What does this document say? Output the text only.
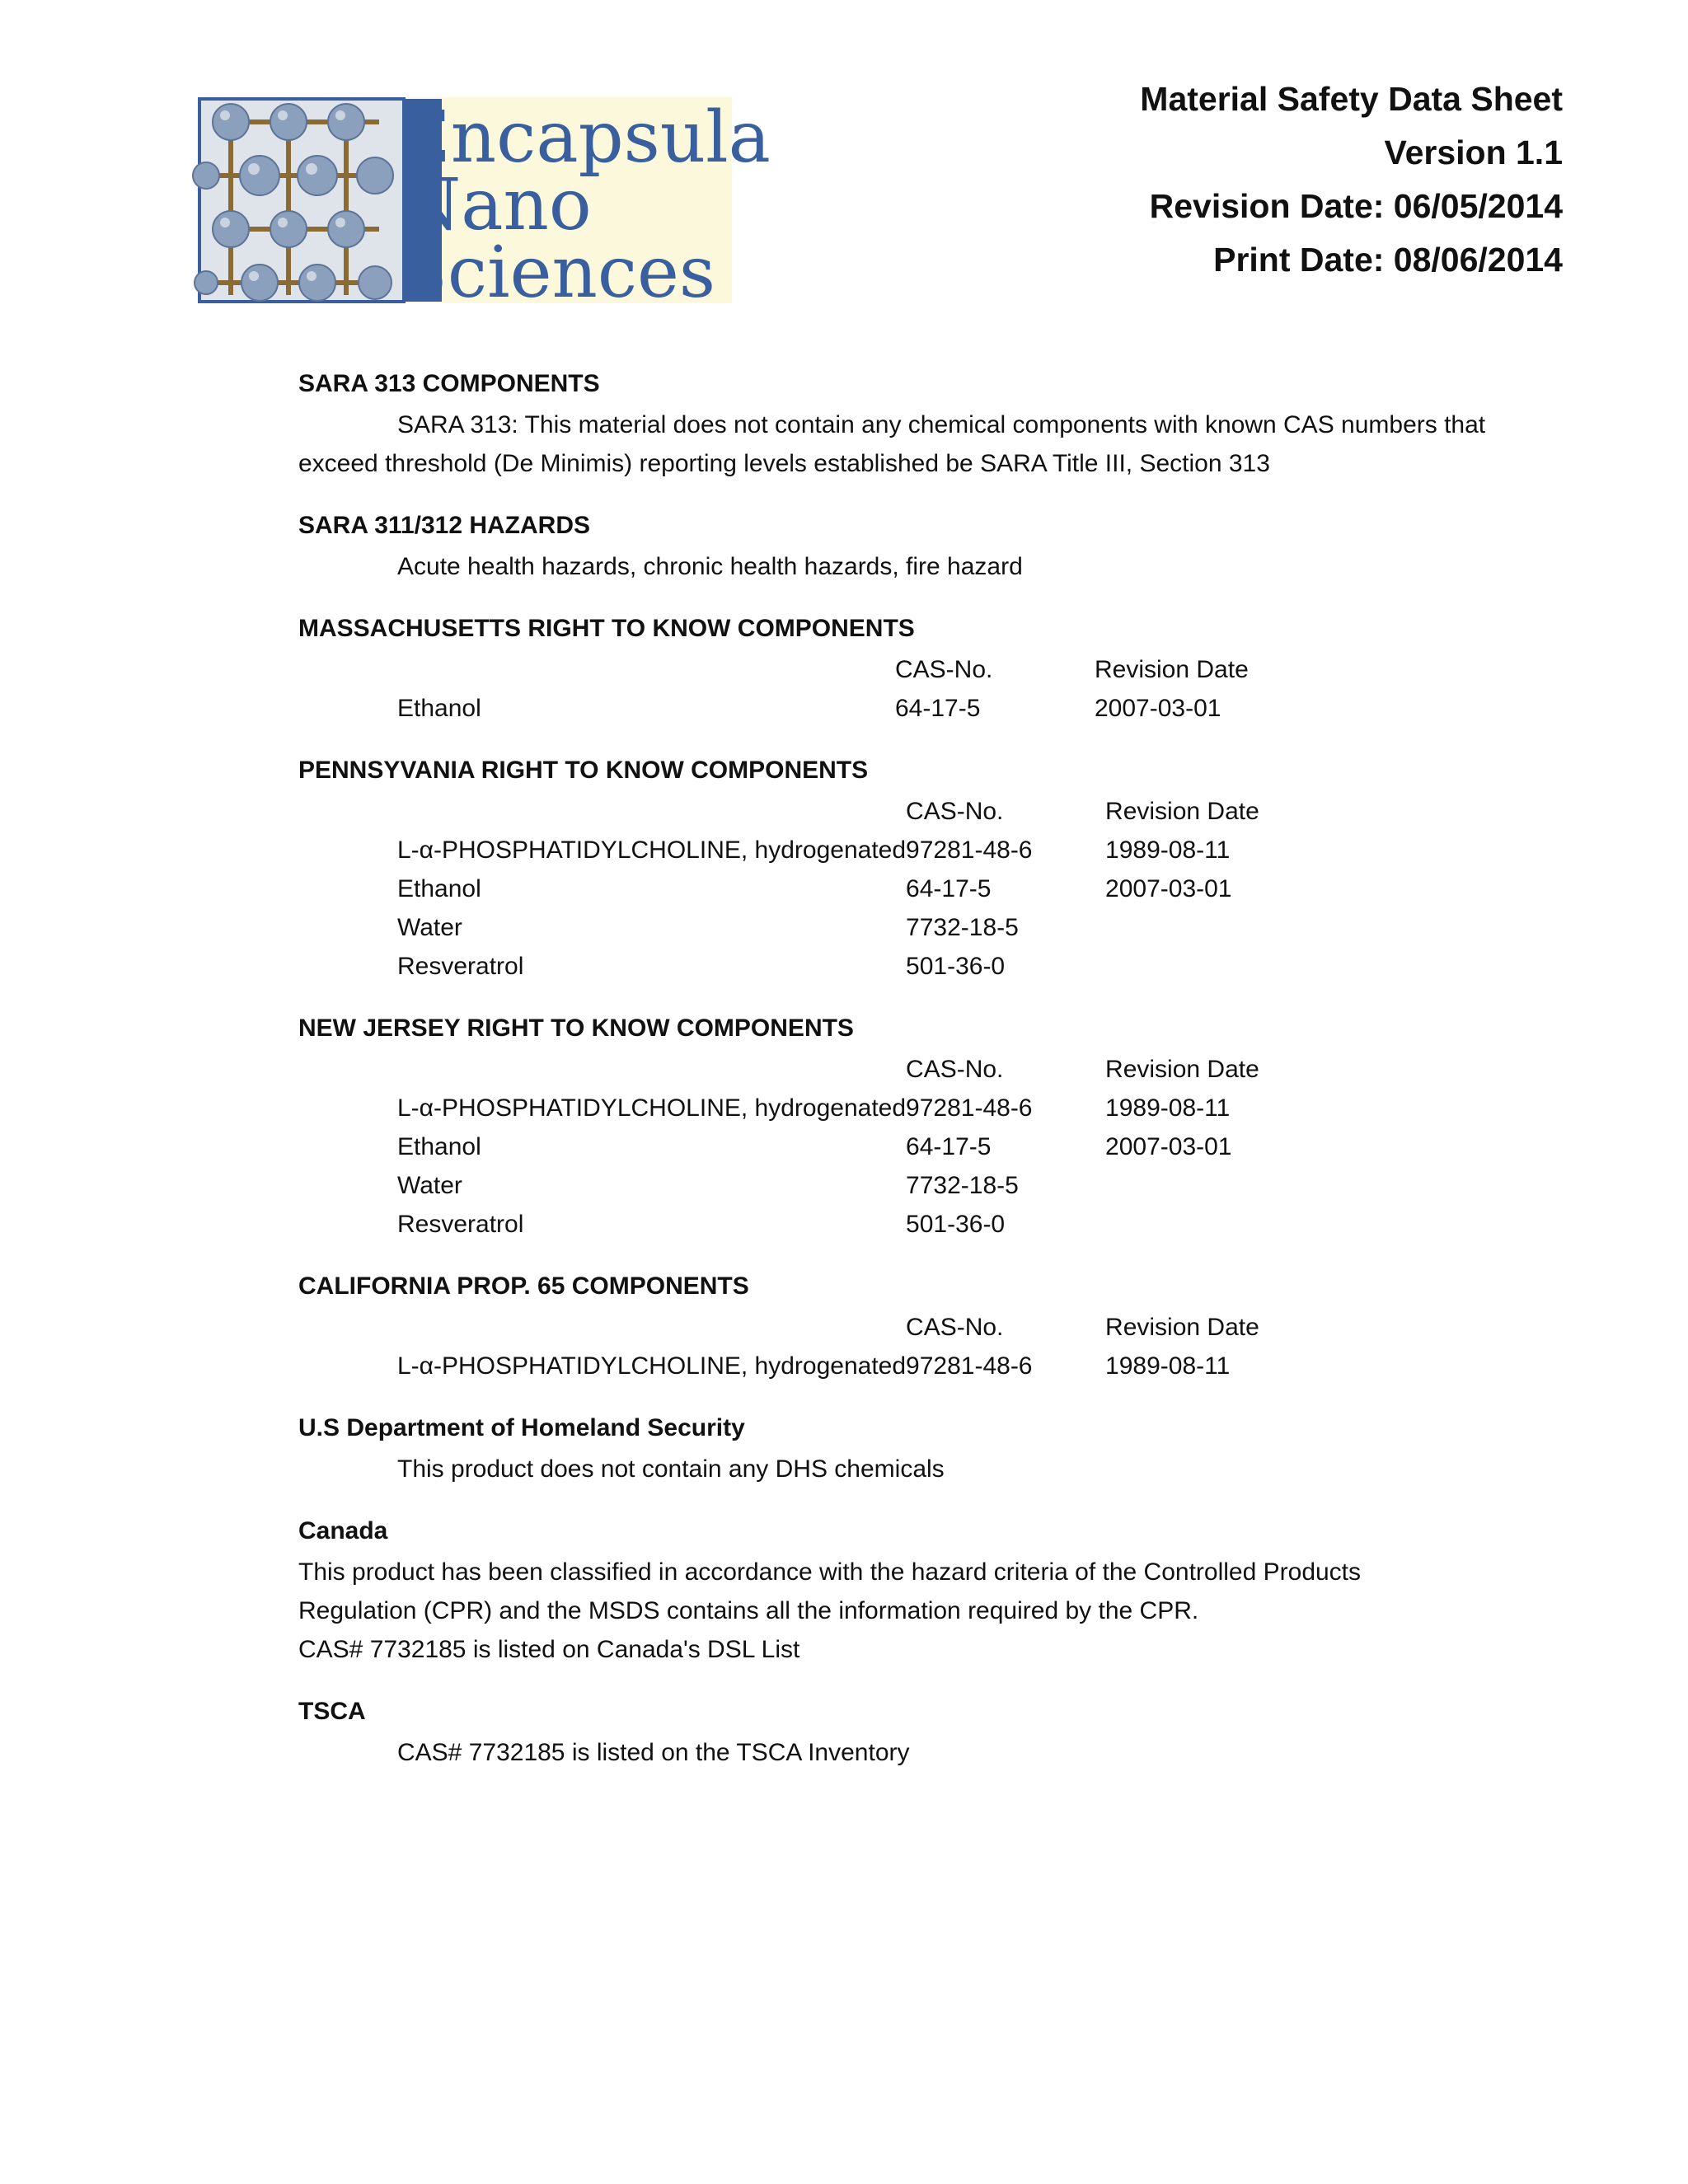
Encapsula
Nano
Sciences
Material Safety Data Sheet
Version 1.1
Revision Date: 06/05/2014
Print Date: 08/06/2014
SARA 313 COMPONENTS
SARA 313: This material does not contain any chemical components with known CAS numbers that exceed threshold (De Minimis) reporting levels established be SARA Title III, Section 313
SARA 311/312 HAZARDS
Acute health hazards, chronic health hazards, fire hazard
MASSACHUSETTS RIGHT TO KNOW COMPONENTS
	CAS-No.	Revision Date
Ethanol	64-17-5	2007-03-01
PENNSYVANIA RIGHT TO KNOW COMPONENTS
	CAS-No.	Revision Date
L-α-PHOSPHATIDYLCHOLINE, hydrogenated	97281-48-6	1989-08-11
Ethanol	64-17-5	2007-03-01
Water	7732-18-5	
Resveratrol	501-36-0	
NEW JERSEY RIGHT TO KNOW COMPONENTS
	CAS-No.	Revision Date
L-α-PHOSPHATIDYLCHOLINE, hydrogenated	97281-48-6	1989-08-11
Ethanol	64-17-5	2007-03-01
Water	7732-18-5	
Resveratrol	501-36-0	
CALIFORNIA PROP. 65 COMPONENTS
	CAS-No.	Revision Date
L-α-PHOSPHATIDYLCHOLINE, hydrogenated	97281-48-6	1989-08-11
U.S Department of Homeland Security
This product does not contain any DHS chemicals
Canada
This product has been classified in accordance with the hazard criteria of the Controlled Products
Regulation (CPR) and the MSDS contains all the information required by the CPR.
CAS# 7732185 is listed on Canada's DSL List
TSCA
CAS# 7732185 is listed on the TSCA Inventory
